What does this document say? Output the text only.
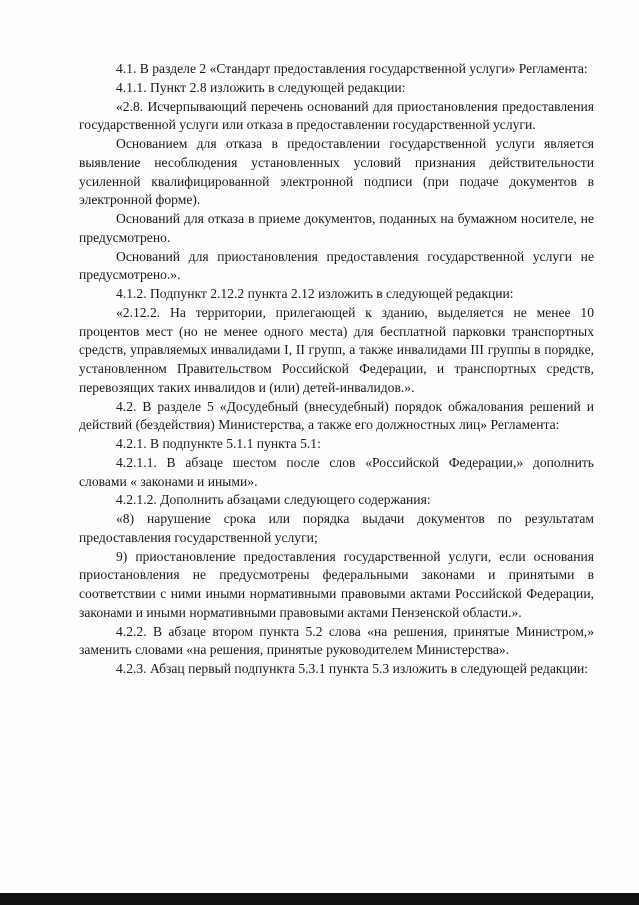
4.1. В разделе 2 «Стандарт предоставления государственной услуги» Регламента:

4.1.1. Пункт 2.8 изложить в следующей редакции:

«2.8. Исчерпывающий перечень оснований для приостановления предоставления государственной услуги или отказа в предоставлении государственной услуги.

Основанием для отказа в предоставлении государственной услуги является выявление несоблюдения установленных условий признания действительности усиленной квалифицированной электронной подписи (при подаче документов в электронной форме).

Оснований для отказа в приеме документов, поданных на бумажном носителе, не предусмотрено.

Оснований для приостановления предоставления государственной услуги не предусмотрено.».

4.1.2. Подпункт 2.12.2 пункта 2.12 изложить в следующей редакции:

«2.12.2. На территории, прилегающей к зданию, выделяется не менее 10 процентов мест (но не менее одного места) для бесплатной парковки транспортных средств, управляемых инвалидами I, II групп, а также инвалидами III группы в порядке, установленном Правительством Российской Федерации, и транспортных средств, перевозящих таких инвалидов и (или) детей-инвалидов.».

4.2. В разделе 5 «Досудебный (внесудебный) порядок обжалования решений и действий (бездействия) Министерства, а также его должностных лиц» Регламента:

4.2.1. В подпункте 5.1.1 пункта 5.1:

4.2.1.1. В абзаце шестом после слов «Российской Федерации,» дополнить словами « законами и иными».

4.2.1.2. Дополнить абзацами следующего содержания:

«8) нарушение срока или порядка выдачи документов по результатам предоставления государственной услуги;

9) приостановление предоставления государственной услуги, если основания приостановления не предусмотрены федеральными законами и принятыми в соответствии с ними иными нормативными правовыми актами Российской Федерации, законами и иными нормативными правовыми актами Пензенской области.».

4.2.2. В абзаце втором пункта 5.2 слова «на решения, принятые Министром,» заменить словами «на решения, принятые руководителем Министерства».

4.2.3. Абзац первый подпункта 5.3.1 пункта 5.3 изложить в следующей редакции:
